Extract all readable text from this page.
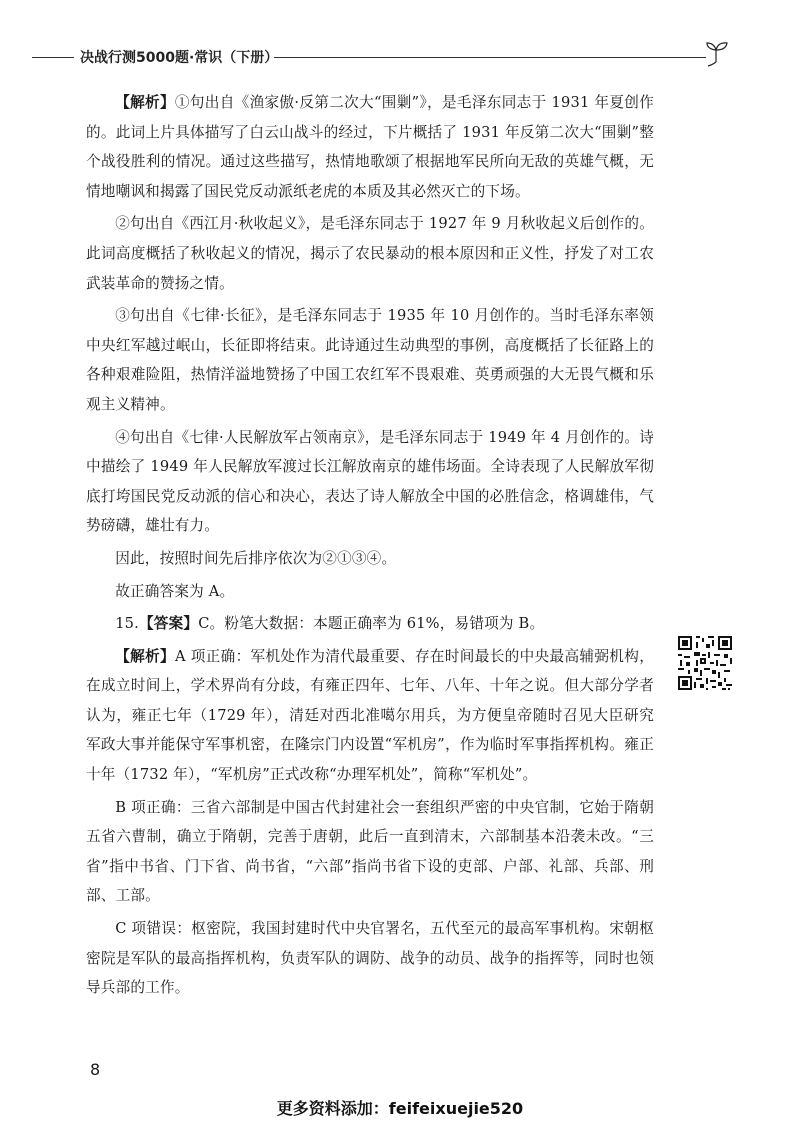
决战行测5000题·常识（下册）

【解析】①句出自《渔家傲·反第二次大“围剿”》，是毛泽东同志于 1931 年夏创作的。此词上片具体描写了白云山战斗的经过，下片概括了 1931 年反第二次大“围剿”整个战役胜利的情况。通过这些描写，热情地歌颂了根据地军民所向无敌的英雄气概，无情地嘲讽和揭露了国民党反动派纸老虎的本质及其必然灭亡的下场。

②句出自《西江月·秋收起义》，是毛泽东同志于 1927 年 9 月秋收起义后创作的。此词高度概括了秋收起义的情况，揭示了农民暴动的根本原因和正义性，抒发了对工农武装革命的赞扬之情。

③句出自《七律·长征》，是毛泽东同志于 1935 年 10 月创作的。当时毛泽东率领中央红军越过岷山，长征即将结束。此诗通过生动典型的事例，高度概括了长征路上的各种艰难险阻，热情洋溢地赞扬了中国工农红军不畏艰难、英勇顽强的大无畏气概和乐观主义精神。

④句出自《七律·人民解放军占领南京》，是毛泽东同志于 1949 年 4 月创作的。诗中描绘了 1949 年人民解放军渡过长江解放南京的雄伟场面。全诗表现了人民解放军彻底打垮国民党反动派的信心和决心，表达了诗人解放全中国的必胜信念，格调雄伟，气势磅礴，雄壮有力。

因此，按照时间先后排序依次为②①③④。

故正确答案为 A。

15.【答案】C。粉笔大数据：本题正确率为 61%，易错项为 B。

【解析】A 项正确：军机处作为清代最重要、存在时间最长的中央最高辅弼机构，在成立时间上，学术界尚有分歧，有雍正四年、七年、八年、十年之说。但大部分学者认为，雍正七年（1729 年），清廷对西北准噶尔用兵，为方便皇帝随时召见大臣研究军政大事并能保守军事机密，在隆宗门内设置“军机房”，作为临时军事指挥机构。雍正十年（1732 年），“军机房”正式改称“办理军机处”，简称“军机处”。

B 项正确：三省六部制是中国古代封建社会一套组织严密的中央官制，它始于隋朝五省六曹制，确立于隋朝，完善于唐朝，此后一直到清末，六部制基本沿袭未改。“三省”指中书省、门下省、尚书省，“六部”指尚书省下设的吏部、户部、礼部、兵部、刑部、工部。

C 项错误：枢密院，我国封建时代中央官署名，五代至元的最高军事机构。宋朝枢密院是军队的最高指挥机构，负责军队的调防、战争的动员、战争的指挥等，同时也领导兵部的工作。

8
更多资料添加：feifeixuejie520
